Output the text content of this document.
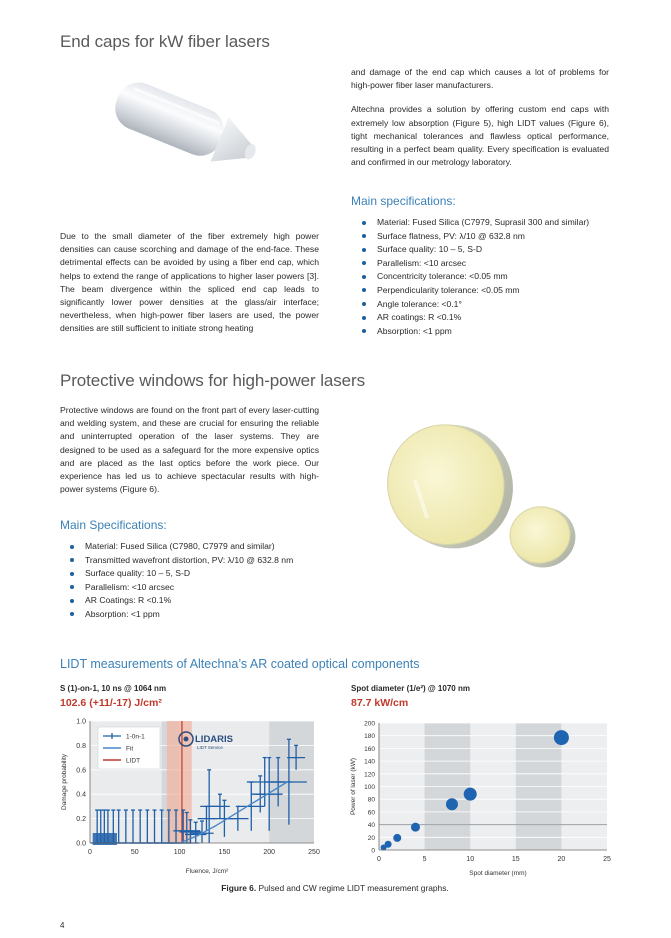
End caps for kW fiber lasers

Due to the small diameter of the fiber extremely high power densities can cause scorching and damage of the end-face. These detrimental effects can be avoided by using a fiber end cap, which helps to extend the range of applications to higher laser powers [3]. The beam divergence within the spliced end cap leads to significantly lower power densities at the glass/air interface; nevertheless, when high-power fiber lasers are used, the power densities are still sufficient to initiate strong heating

and damage of the end cap which causes a lot of problems for high-power fiber laser manufacturers.

Altechna provides a solution by offering custom end caps with extremely low absorption (Figure 5), high LIDT values (Figure 6), tight mechanical tolerances and flawless optical performance, resulting in a perfect beam quality. Every specification is evaluated and confirmed in our metrology laboratory.

Main specifications:
Material: Fused Silica (C7979, Suprasil 300 and similar)
Surface flatness, PV: λ/10 @ 632.8 nm
Surface quality: 10 – 5, S-D
Parallelism: <10 arcsec
Concentricity tolerance: <0.05 mm
Perpendicularity tolerance: <0.05 mm
Angle tolerance: <0.1°
AR coatings: R <0.1%
Absorption: <1 ppm
Protective windows for high-power lasers

Protective windows are found on the front part of every laser-cutting and welding system, and these are crucial for ensuring the reliable and uninterrupted operation of the laser systems. They are designed to be used as a safeguard for the more expensive optics and are placed as the last optics before the work piece. Our experience has led us to achieve spectacular results with high-power systems (Figure 6).

Main Specifications:
Material: Fused Silica (C7980, C7979 and similar)
Transmitted wavefront distortion, PV: λ/10 @ 632.8 nm
Surface quality: 10 – 5, S-D
Parallelism: <10 arcsec
AR Coatings: R <0.1%
Absorption: <1 ppm
LIDT measurements of Altechna’s AR coated optical components
S (1)-on-1, 10 ns @ 1064 nm
102.6 (+11/-17) J/cm²
Spot diameter (1/e²) @ 1070 nm
87.7 kW/cm
0	50	100	150	200	250
0.0
0.2
0.4
0.6
0.8
1.0
Fluence, J/cm²
Damage probability
1-0n-1
Fit
LIDT
LIDARIS
LIDT Service
0	5	10	15	20	25
0
20
40
60
80
100
120
140
160
180
200
Spot diameter (mm)
Power of laser (kW)
Figure 6. Pulsed and CW regime LIDT measurement graphs.
4
